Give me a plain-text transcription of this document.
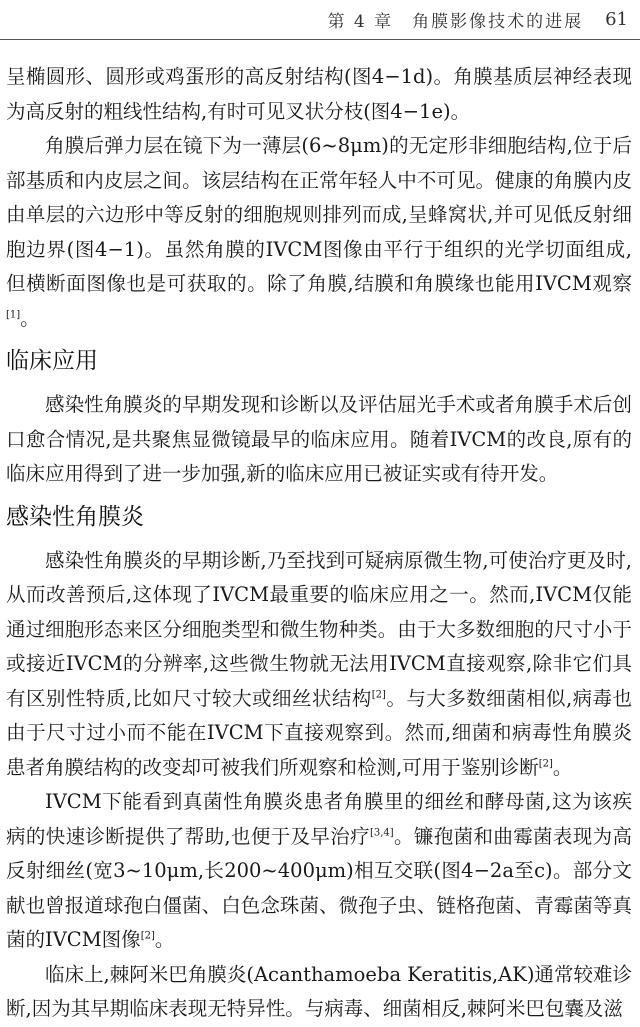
第 4 章　角膜影像技术的进展 61

呈椭圆形、圆形或鸡蛋形的高反射结构(图4−1d)。角膜基质层神经表现为高反射的粗线性结构,有时可见叉状分枝(图4−1e)。

角膜后弹力层在镜下为一薄层(6~8μm)的无定形非细胞结构,位于后部基质和内皮层之间。该层结构在正常年轻人中不可见。健康的角膜内皮由单层的六边形中等反射的细胞规则排列而成,呈蜂窝状,并可见低反射细胞边界(图4−1)。虽然角膜的IVCM图像由平行于组织的光学切面组成,但横断面图像也是可获取的。除了角膜,结膜和角膜缘也能用IVCM观察[1]。

临床应用

感染性角膜炎的早期发现和诊断以及评估屈光手术或者角膜手术后创口愈合情况,是共聚焦显微镜最早的临床应用。随着IVCM的改良,原有的临床应用得到了进一步加强,新的临床应用已被证实或有待开发。

感染性角膜炎

感染性角膜炎的早期诊断,乃至找到可疑病原微生物,可使治疗更及时,从而改善预后,这体现了IVCM最重要的临床应用之一。然而,IVCM仅能通过细胞形态来区分细胞类型和微生物种类。由于大多数细胞的尺寸小于或接近IVCM的分辨率,这些微生物就无法用IVCM直接观察,除非它们具有区别性特质,比如尺寸较大或细丝状结构[2]。与大多数细菌相似,病毒也由于尺寸过小而不能在IVCM下直接观察到。然而,细菌和病毒性角膜炎患者角膜结构的改变却可被我们所观察和检测,可用于鉴别诊断[2]。

IVCM下能看到真菌性角膜炎患者角膜里的细丝和酵母菌,这为该疾病的快速诊断提供了帮助,也便于及早治疗[3,4]。镰孢菌和曲霉菌表现为高反射细丝(宽3~10μm,长200~400μm)相互交联(图4−2a至c)。部分文献也曾报道球孢白僵菌、白色念珠菌、微孢子虫、链格孢菌、青霉菌等真菌的IVCM图像[2]。

临床上,棘阿米巴角膜炎(Acanthamoeba Keratitis,AK)通常较难诊断,因为其早期临床表现无特异性。与病毒、细菌相反,棘阿米巴包囊及滋
